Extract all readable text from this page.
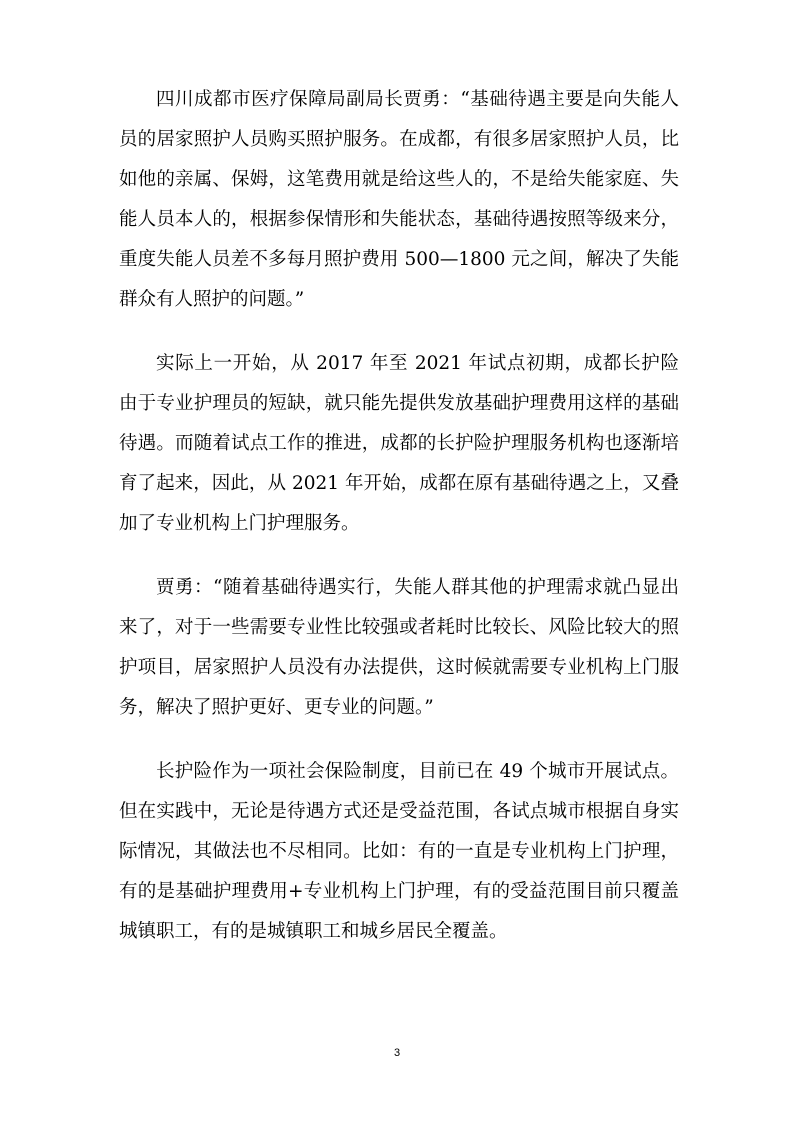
四川成都市医疗保障局副局长贾勇：“基础待遇主要是向失能人员的居家照护人员购买照护服务。在成都，有很多居家照护人员，比如他的亲属、保姆，这笔费用就是给这些人的，不是给失能家庭、失能人员本人的，根据参保情形和失能状态，基础待遇按照等级来分，重度失能人员差不多每月照护费用 500—1800 元之间，解决了失能群众有人照护的问题。”

实际上一开始，从 2017 年至 2021 年试点初期，成都长护险由于专业护理员的短缺，就只能先提供发放基础护理费用这样的基础待遇。而随着试点工作的推进，成都的长护险护理服务机构也逐渐培育了起来，因此，从 2021 年开始，成都在原有基础待遇之上，又叠加了专业机构上门护理服务。

贾勇：“随着基础待遇实行，失能人群其他的护理需求就凸显出来了，对于一些需要专业性比较强或者耗时比较长、风险比较大的照护项目，居家照护人员没有办法提供，这时候就需要专业机构上门服务，解决了照护更好、更专业的问题。”

长护险作为一项社会保险制度，目前已在 49 个城市开展试点。但在实践中，无论是待遇方式还是受益范围，各试点城市根据自身实际情况，其做法也不尽相同。比如：有的一直是专业机构上门护理，有的是基础护理费用+专业机构上门护理，有的受益范围目前只覆盖城镇职工，有的是城镇职工和城乡居民全覆盖。

3
